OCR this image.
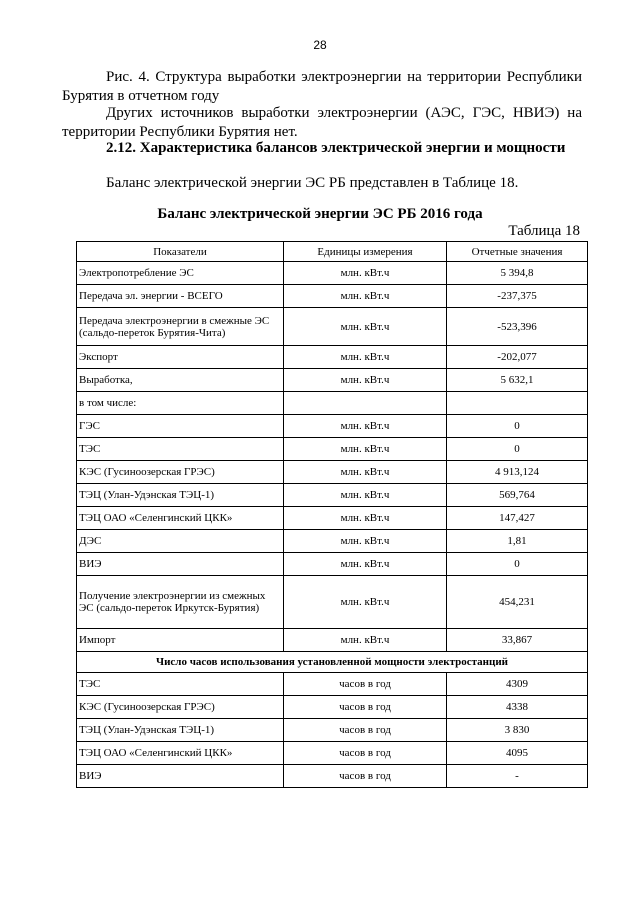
28

Рис. 4. Структура выработки электроэнергии на территории Республики Бурятия в отчетном году

Других источников выработки электроэнергии (АЭС, ГЭС, НВИЭ) на территории Республики Бурятия нет.

2.12. Характеристика балансов электрической энергии и мощности

Баланс электрической энергии ЭС РБ представлен в Таблице 18.

Баланс электрической энергии ЭС РБ 2016 года

Таблица 18

Показатели	Единицы измерения	Отчетные значения
Электропотребление ЭС	млн. кВт.ч	5 394,8
Передача эл. энергии - ВСЕГО	млн. кВт.ч	-237,375
Передача электроэнергии в смежные ЭС (сальдо-переток Бурятия-Чита)	млн. кВт.ч	-523,396
Экспорт	млн. кВт.ч	-202,077
Выработка,	млн. кВт.ч	5 632,1
в том числе:		
ГЭС	млн. кВт.ч	0
ТЭС	млн. кВт.ч	0
КЭС (Гусиноозерская ГРЭС)	млн. кВт.ч	4 913,124
ТЭЦ (Улан-Удэнская ТЭЦ-1)	млн. кВт.ч	569,764
ТЭЦ ОАО «Селенгинский ЦКК»	млн. кВт.ч	147,427
ДЭС	млн. кВт.ч	1,81
ВИЭ	млн. кВт.ч	0
Получение электроэнергии из смежных ЭС (сальдо-переток Иркутск-Бурятия)	млн. кВт.ч	454,231
Импорт	млн. кВт.ч	33,867
Число часов использования установленной мощности электростанций		
ТЭС	часов в год	4309
КЭС (Гусиноозерская ГРЭС)	часов в год	4338
ТЭЦ (Улан-Удэнская ТЭЦ-1)	часов в год	3 830
ТЭЦ ОАО «Селенгинский ЦКК»	часов в год	4095
ВИЭ	часов в год	-
